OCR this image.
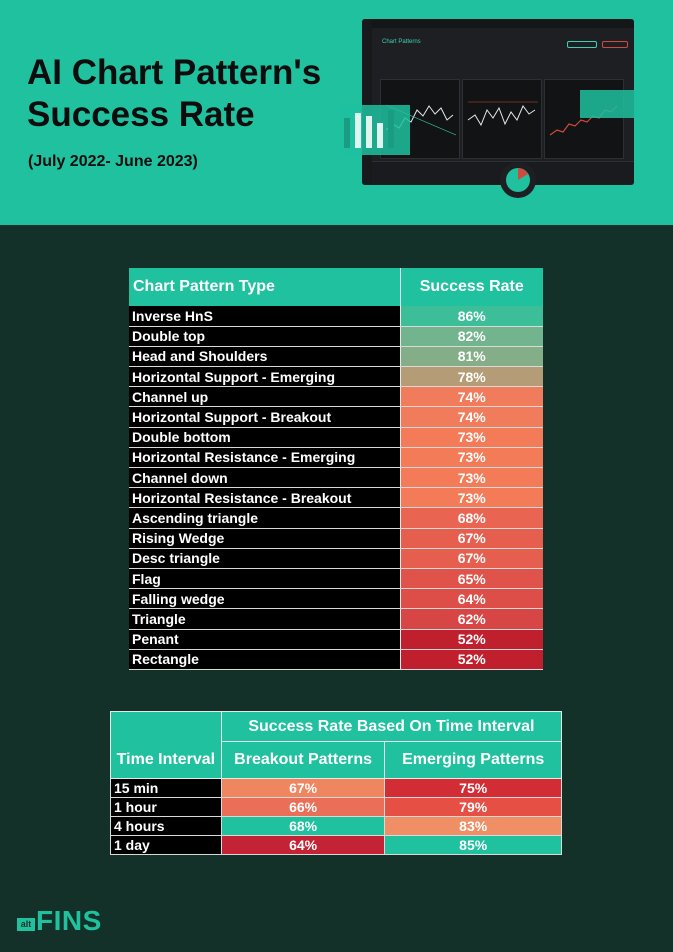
AI Chart Pattern's
Success Rate
(July 2022- June 2023)
Chart Patterns
Chart Pattern Type	Success Rate
Inverse HnS	86%
Double top	82%
Head and Shoulders	81%
Horizontal Support - Emerging	78%
Channel up	74%
Horizontal Support - Breakout	74%
Double bottom	73%
Horizontal Resistance - Emerging	73%
Channel down	73%
Horizontal Resistance - Breakout	73%
Ascending triangle	68%
Rising Wedge	67%
Desc triangle	67%
Flag	65%
Falling wedge	64%
Triangle	62%
Penant	52%
Rectangle	52%
	Success Rate Based On Time Interval	
Time Interval	Breakout Patterns	Emerging Patterns
15 min	67%	75%
1 hour	66%	79%
4 hours	68%	83%
1 day	64%	85%
alt FINS
